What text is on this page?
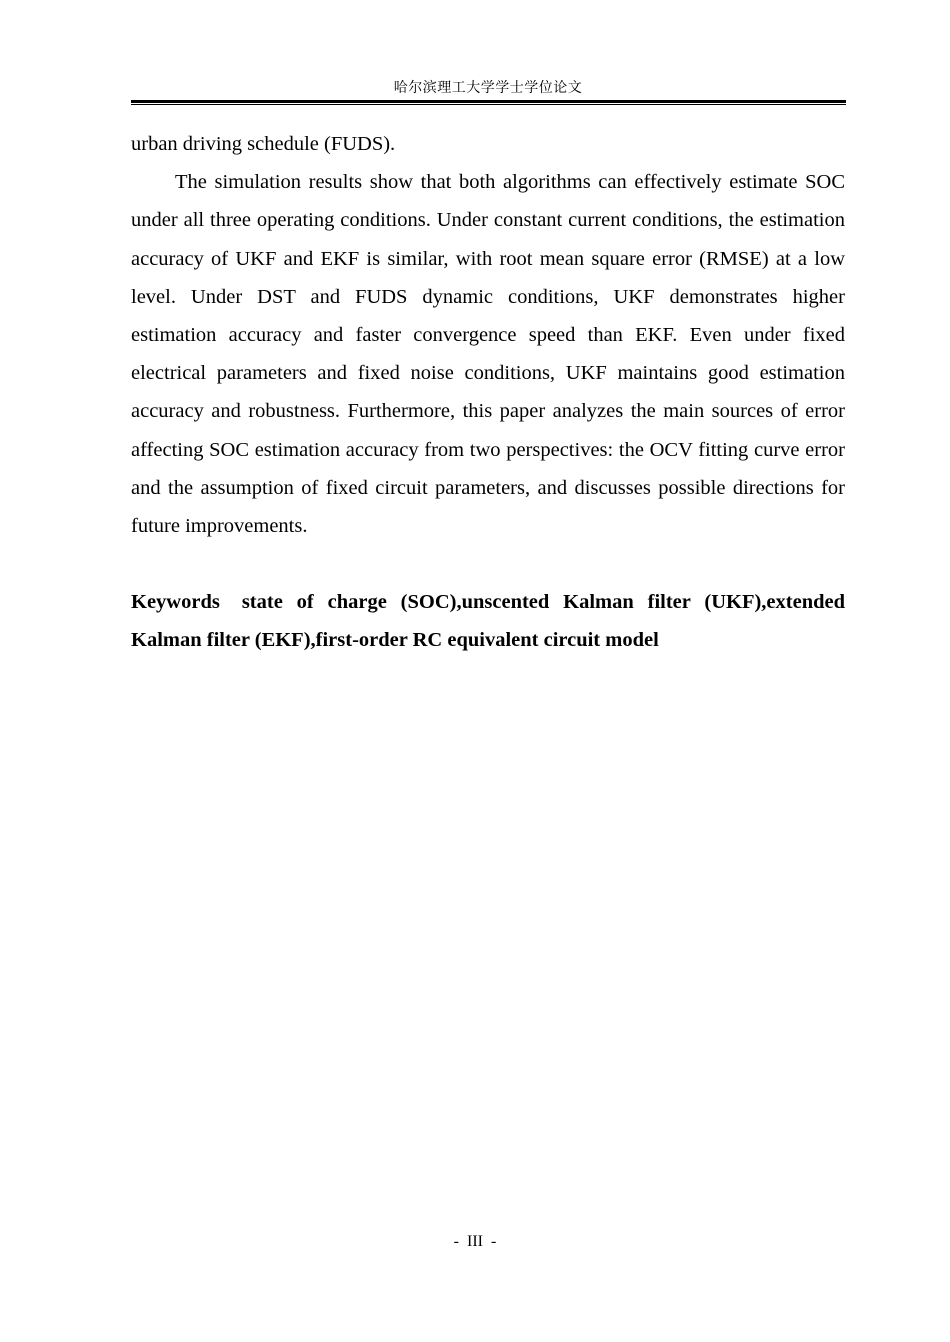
哈尔滨理工大学学士学位论文

urban driving schedule (FUDS).

The simulation results show that both algorithms can effectively estimate SOC under all three operating conditions. Under constant current conditions, the estimation accuracy of UKF and EKF is similar, with root mean square error (RMSE) at a low level. Under DST and FUDS dynamic conditions, UKF demonstrates higher estimation accuracy and faster convergence speed than EKF. Even under fixed electrical parameters and fixed noise conditions, UKF maintains good estimation accuracy and robustness. Furthermore, this paper analyzes the main sources of error affecting SOC estimation accuracy from two perspectives: the OCV fitting curve error and the assumption of fixed circuit parameters, and discusses possible directions for future improvements.

Keywords state of charge (SOC),unscented Kalman filter (UKF),extended Kalman filter (EKF),first-order RC equivalent circuit model

- III -
